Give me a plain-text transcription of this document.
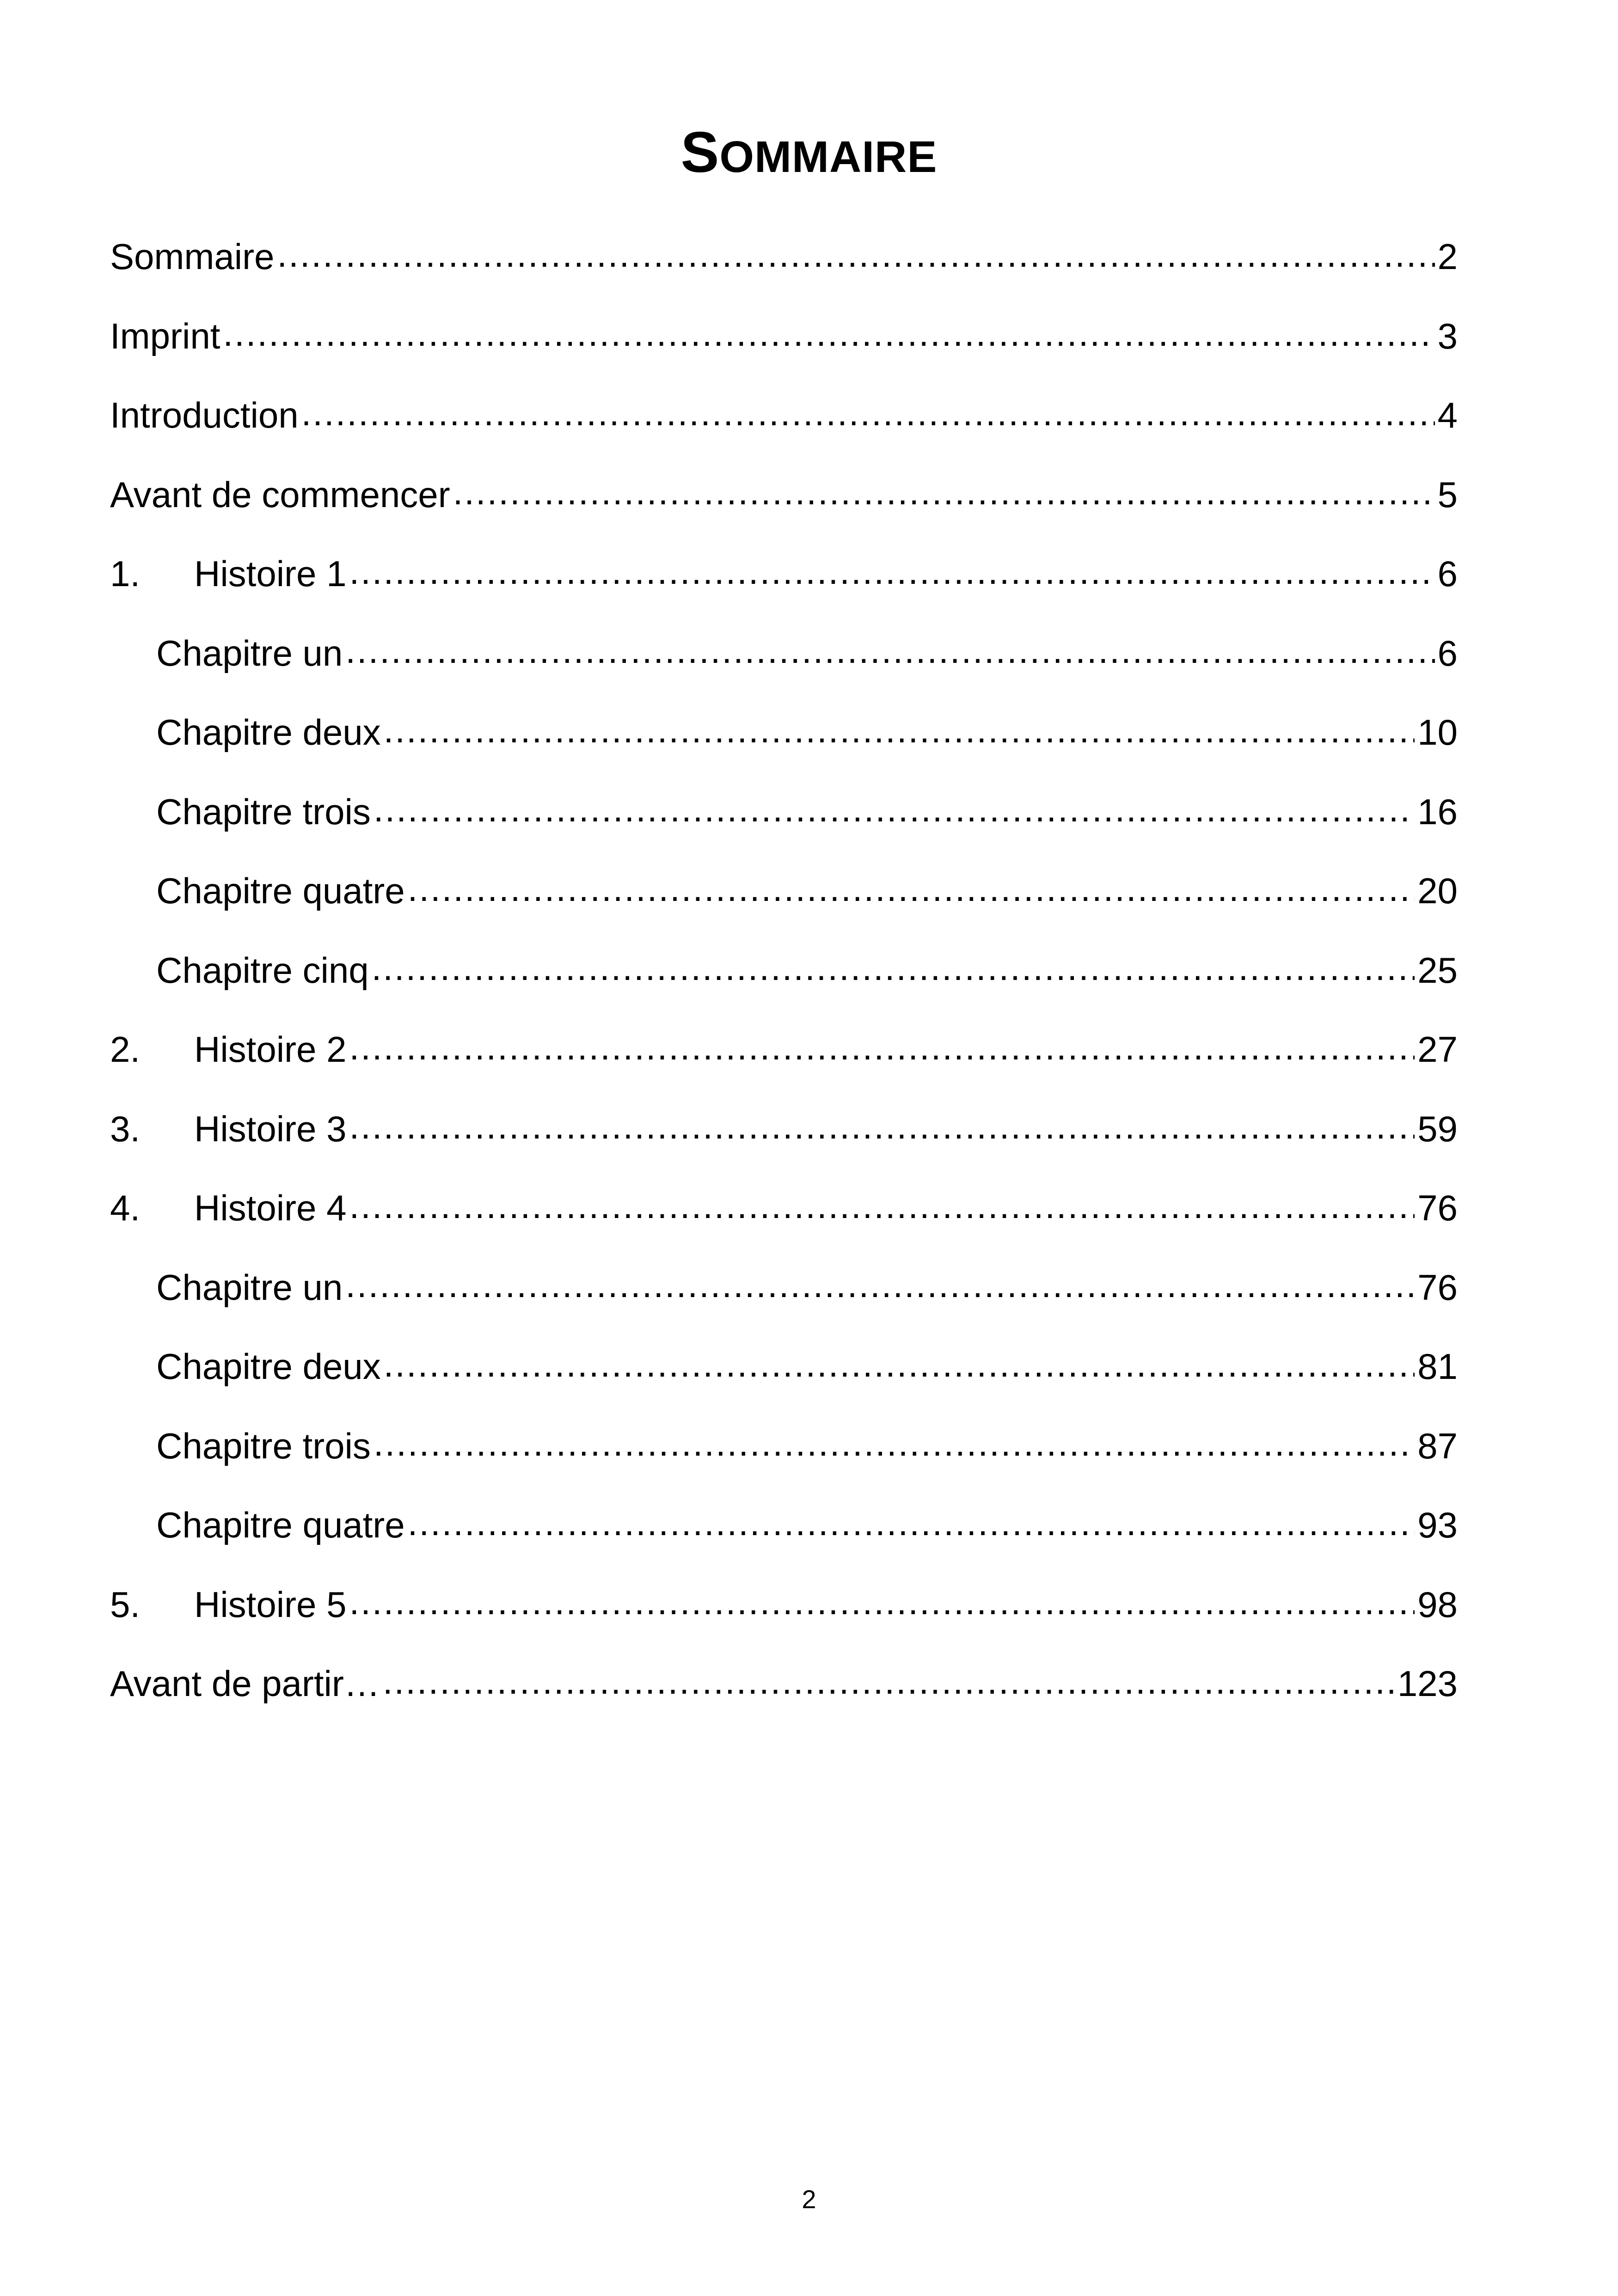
SOMMAIRE
Sommaire .....	2
Imprint .....	3
Introduction .....	4
Avant de commencer .....	5
1.	Histoire 1 .....	6
Chapitre un .....	6
Chapitre deux .....	10
Chapitre trois .....	16
Chapitre quatre .....	20
Chapitre cinq .....	25
2.	Histoire 2 .....	27
3.	Histoire 3 .....	59
4.	Histoire 4 .....	76
Chapitre un .....	76
Chapitre deux .....	81
Chapitre trois .....	87
Chapitre quatre .....	93
5.	Histoire 5 .....	98
Avant de partir… .....	123
2
